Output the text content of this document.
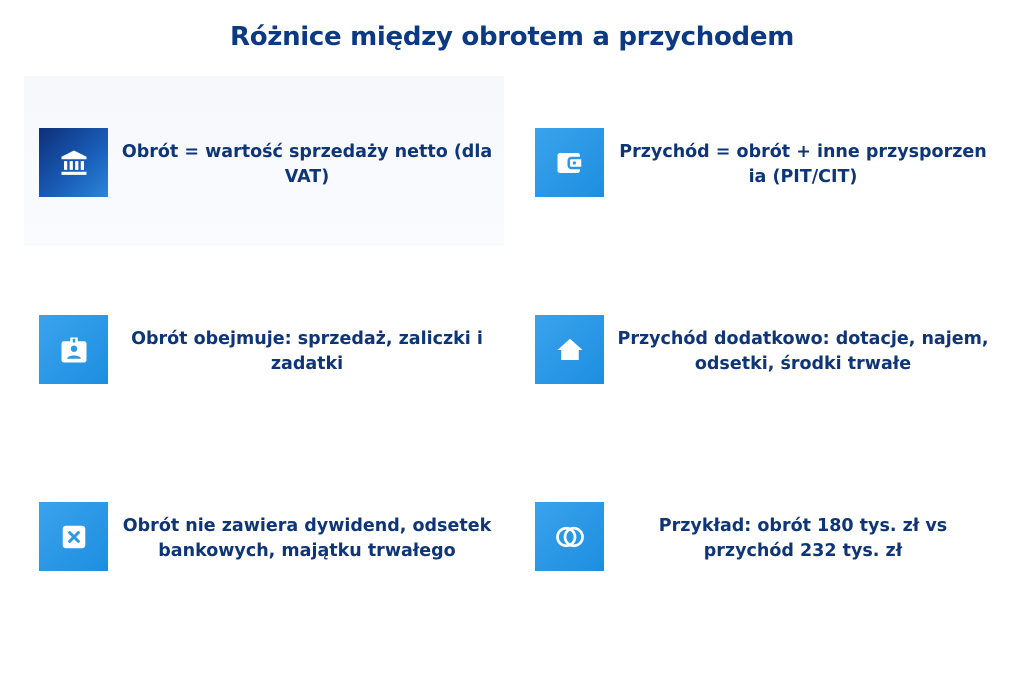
Różnice między obrotem a przychodem
Obrót = wartość sprzedaży netto (dla VAT)
Przychód = obrót + inne przysporzen ia (PIT/CIT)
Obrót obejmuje: sprzedaż, zaliczki i zadatki
Przychód dodatkowo: dotacje, najem, odsetki, środki trwałe
Obrót nie zawiera dywidend, odsetek bankowych, majątku trwałego
Przykład: obrót 180 tys. zł vs przychód 232 tys. zł
